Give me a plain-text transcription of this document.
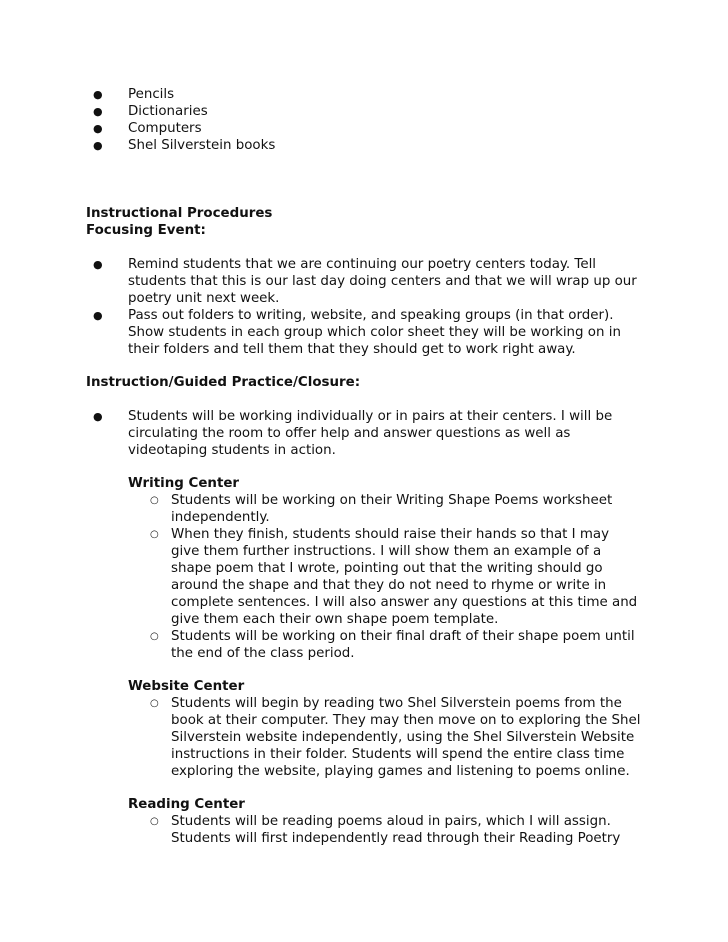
● Pencils
● Dictionaries
● Computers
● Shel Silverstein books
Instructional Procedures
Focusing Event:
● Remind students that we are continuing our poetry centers today. Tell students that this is our last day doing centers and that we will wrap up our poetry unit next week.
● Pass out folders to writing, website, and speaking groups (in that order). Show students in each group which color sheet they will be working on in their folders and tell them that they should get to work right away.
Instruction/Guided Practice/Closure:
● Students will be working individually or in pairs at their centers. I will be circulating the room to offer help and answer questions as well as videotaping students in action.
Writing Center
○ Students will be working on their Writing Shape Poems worksheet independently.
○ When they finish, students should raise their hands so that I may give them further instructions. I will show them an example of a shape poem that I wrote, pointing out that the writing should go around the shape and that they do not need to rhyme or write in complete sentences. I will also answer any questions at this time and give them each their own shape poem template.
○ Students will be working on their final draft of their shape poem until the end of the class period.
Website Center
○ Students will begin by reading two Shel Silverstein poems from the book at their computer. They may then move on to exploring the Shel Silverstein website independently, using the Shel Silverstein Website instructions in their folder. Students will spend the entire class time exploring the website, playing games and listening to poems online.
Reading Center
○ Students will be reading poems aloud in pairs, which I will assign. Students will first independently read through their Reading Poetry
